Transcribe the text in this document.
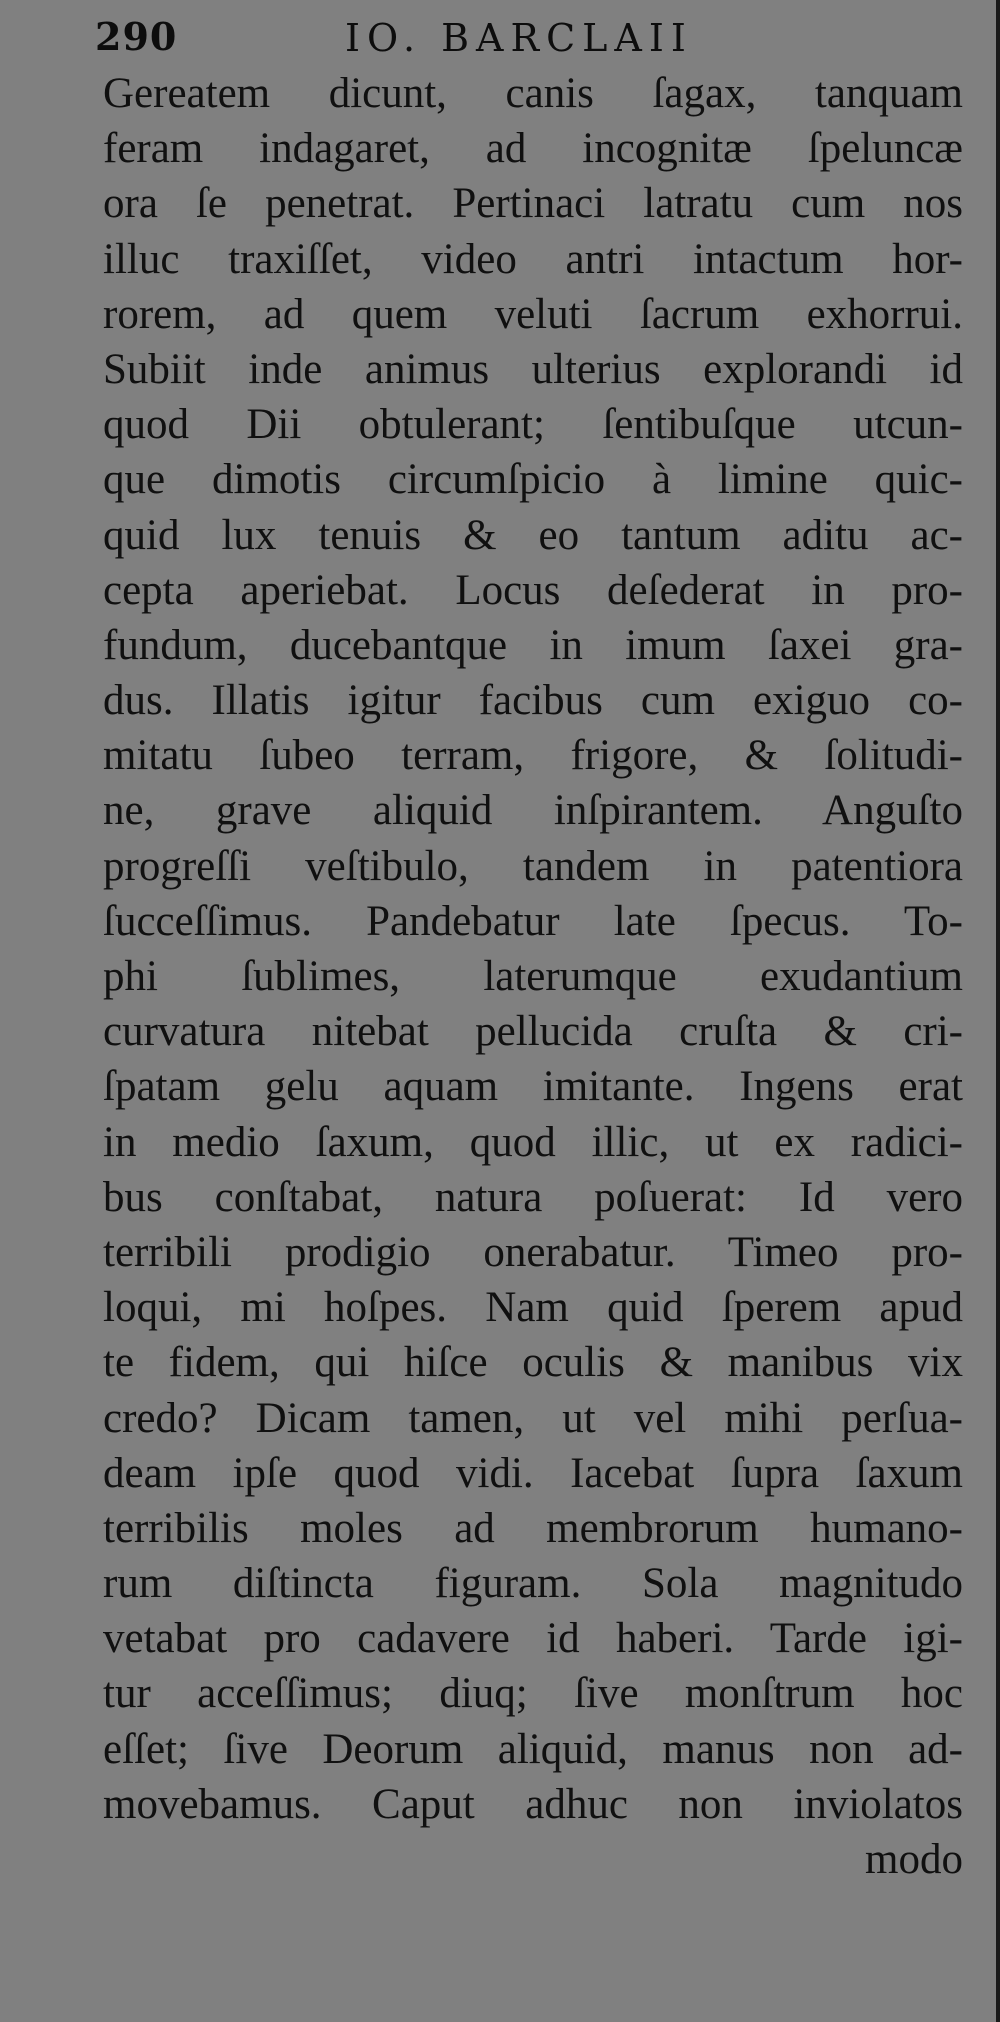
290	IO. BARCLAII
Gereatem dicunt, canis ſagax, tanquam
feram indagaret, ad incognitæ ſpeluncæ
ora ſe penetrat. Pertinaci latratu cum nos
illuc traxiſſet, video antri intactum hor-
rorem, ad quem veluti ſacrum exhorrui.
Subiit inde animus ulterius explorandi id
quod Dii obtulerant; ſentibuſque utcun-
que dimotis circumſpicio à limine quic-
quid lux tenuis & eo tantum aditu ac-
cepta aperiebat. Locus deſederat in pro-
fundum, ducebantque in imum ſaxei gra-
dus. Illatis igitur facibus cum exiguo co-
mitatu ſubeo terram, frigore, & ſolitudi-
ne, grave aliquid inſpirantem. Anguſto
progreſſi veſtibulo, tandem in patentiora
ſucceſſimus. Pandebatur late ſpecus. To-
phi ſublimes, laterumque exudantium
curvatura nitebat pellucida cruſta & cri-
ſpatam gelu aquam imitante. Ingens erat
in medio ſaxum, quod illic, ut ex radici-
bus conſtabat, natura poſuerat: Id vero
terribili prodigio onerabatur. Timeo pro-
loqui, mi hoſpes. Nam quid ſperem apud
te fidem, qui hiſce oculis & manibus vix
credo? Dicam tamen, ut vel mihi perſua-
deam ipſe quod vidi. Iacebat ſupra ſaxum
terribilis moles ad membrorum humano-
rum diſtincta figuram. Sola magnitudo
vetabat pro cadavere id haberi. Tarde igi-
tur acceſſimus; diuq; ſive monſtrum hoc
eſſet; ſive Deorum aliquid, manus non ad-
movebamus. Caput adhuc non inviolatos
modo
